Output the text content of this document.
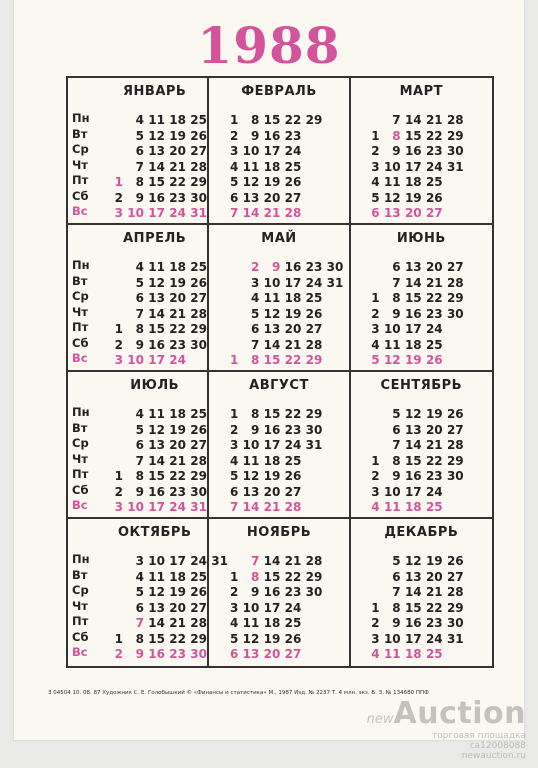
1988
ЯНВАРЬ
Пн
Вт
Ср
Чт
Пт
Сб
Вс
4 11 18 25
5 12 19 26
6 13 20 27
7 14 21 28
1 8 15 22 29
2 9 16 23 30
3 10 17 24 31
ФЕВРАЛЬ
1 8 15 22 29
2 9 16 23
3 10 17 24
4 11 18 25
5 12 19 26
6 13 20 27
7 14 21 28
МАРТ
7 14 21 28
1 8 15 22 29
2 9 16 23 30
3 10 17 24 31
4 11 18 25
5 12 19 26
6 13 20 27
АПРЕЛЬ
Пн
Вт
Ср
Чт
Пт
Сб
Вс
4 11 18 25
5 12 19 26
6 13 20 27
7 14 21 28
1 8 15 22 29
2 9 16 23 30
3 10 17 24
МАЙ
2 9 16 23 30
3 10 17 24 31
4 11 18 25
5 12 19 26
6 13 20 27
7 14 21 28
1 8 15 22 29
ИЮНЬ
6 13 20 27
7 14 21 28
1 8 15 22 29
2 9 16 23 30
3 10 17 24
4 11 18 25
5 12 19 26
ИЮЛЬ
Пн
Вт
Ср
Чт
Пт
Сб
Вс
4 11 18 25
5 12 19 26
6 13 20 27
7 14 21 28
1 8 15 22 29
2 9 16 23 30
3 10 17 24 31
АВГУСТ
1 8 15 22 29
2 9 16 23 30
3 10 17 24 31
4 11 18 25
5 12 19 26
6 13 20 27
7 14 21 28
СЕНТЯБРЬ
5 12 19 26
6 13 20 27
7 14 21 28
1 8 15 22 29
2 9 16 23 30
3 10 17 24
4 11 18 25
ОКТЯБРЬ
Пн
Вт
Ср
Чт
Пт
Сб
Вс
3 10 17 24 31
4 11 18 25
5 12 19 26
6 13 20 27
7 14 21 28
1 8 15 22 29
2 9 16 23 30
НОЯБРЬ
7 14 21 28
1 8 15 22 29
2 9 16 23 30
3 10 17 24
4 11 18 25
5 12 19 26
6 13 20 27
ДЕКАБРЬ
5 12 19 26
6 13 20 27
7 14 21 28
1 8 15 22 29
2 9 16 23 30
3 10 17 24 31
4 11 18 25
З 04504 10. 08. 87 Художник С. Е. Голобышкий © «Финансы и статистика» М., 1987 Изд. № 2237 Т. 4 млн. экз. Б. З. № 134680 ППФ
newAuction
торговая площадка
ca12008088
newauction.ru
